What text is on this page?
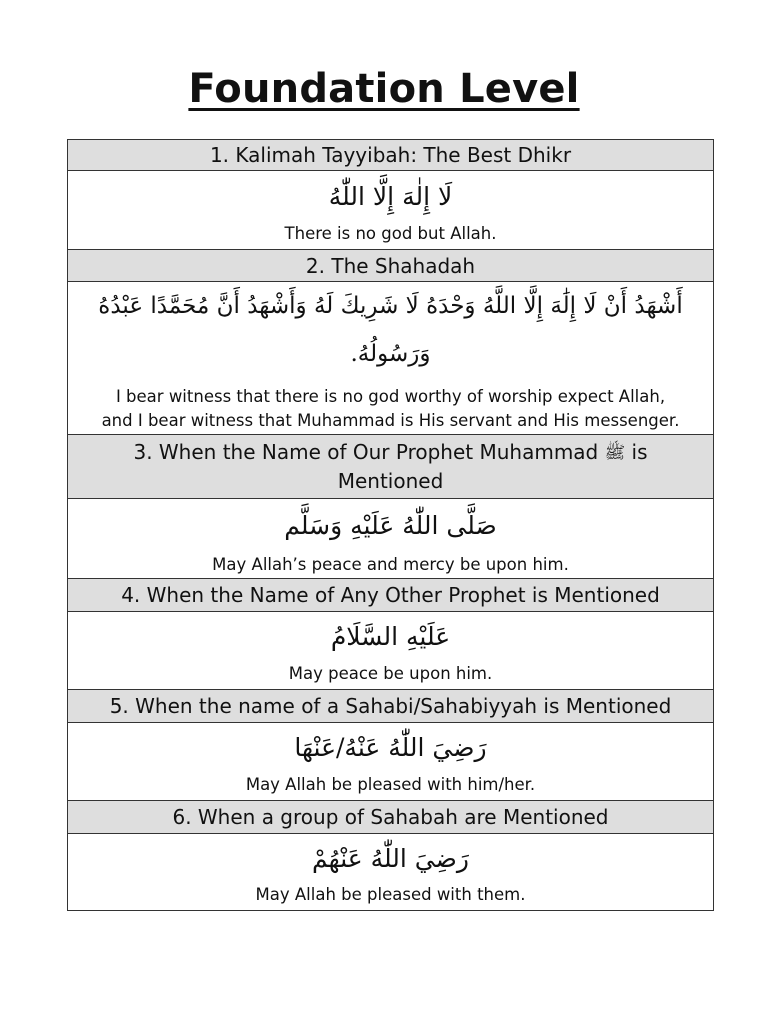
Foundation Level
1. Kalimah Tayyibah: The Best Dhikr
لَا إِلٰهَ إِلَّا اللّٰهُ
There is no god but Allah.
2. The Shahadah
أَشْهَدُ أَنْ لَا إِلَٰهَ إِلَّا اللَّهُ وَحْدَهُ لَا شَرِيكَ لَهُ وَأَشْهَدُ أَنَّ مُحَمَّدًا عَبْدُهُ
وَرَسُولُهُ.
I bear witness that there is no god worthy of worship expect Allah,
and I bear witness that Muhammad is His servant and His messenger.
3. When the Name of Our Prophet Muhammad ﷺ is
Mentioned
صَلَّى اللّٰهُ عَلَيْهِ وَسَلَّم
May Allah’s peace and mercy be upon him.
4. When the Name of Any Other Prophet is Mentioned
عَلَيْهِ السَّلَامُ
May peace be upon him.
5. When the name of a Sahabi/Sahabiyyah is Mentioned
رَضِيَ اللّٰهُ عَنْهُ/عَنْهَا
May Allah be pleased with him/her.
6. When a group of Sahabah are Mentioned
رَضِيَ اللّٰهُ عَنْهُمْ
May Allah be pleased with them.
